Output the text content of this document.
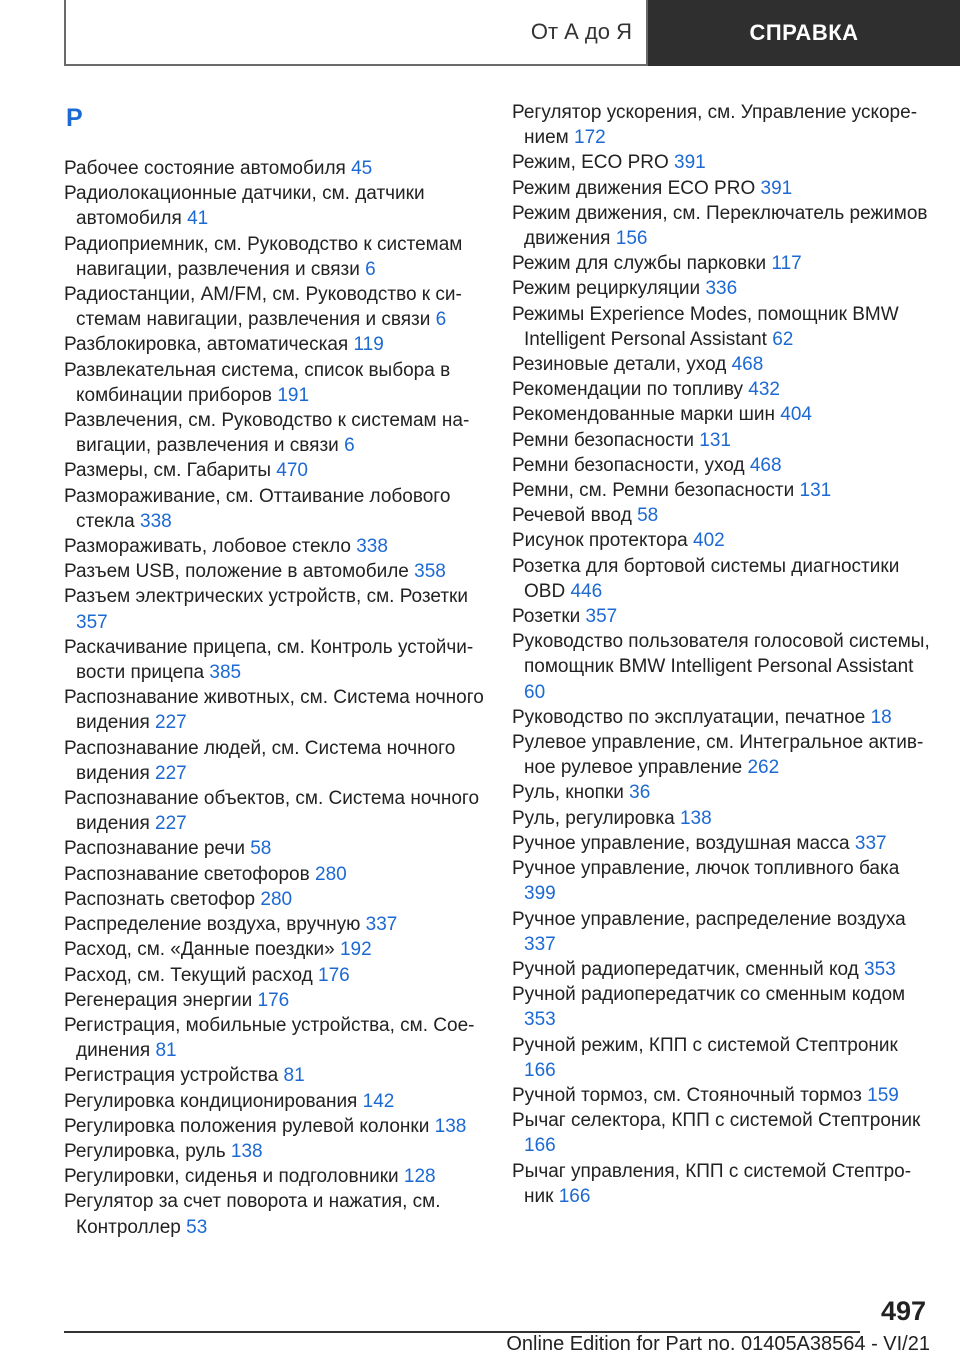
От А до Я	СПРАВКА
Р

Рабочее состояние автомобиля 45

Радиолокационные датчики, см. датчики автомобиля 41

Радиоприемник, см. Руководство к системам навигации, развлечения и связи 6

Радиостанции, AM/FM, см. Руководство к системам навигации, развлечения и связи 6

Разблокировка, автоматическая 119

Развлекательная система, список выбора в комбинации приборов 191

Развлечения, см. Руководство к системам навигации, развлечения и связи 6

Размеры, см. Габариты 470

Размораживание, см. Оттаивание лобового стекла 338

Размораживать, лобовое стекло 338

Разъем USB, положение в автомобиле 358

Разъем электрических устройств, см. Розетки 357

Раскачивание прицепа, см. Контроль устойчивости прицепа 385

Распознавание животных, см. Система ночного видения 227

Распознавание людей, см. Система ночного видения 227

Распознавание объектов, см. Система ночного видения 227

Распознавание речи 58

Распознавание светофоров 280

Распознать светофор 280

Распределение воздуха, вручную 337

Расход, см. «Данные поездки» 192

Расход, см. Текущий расход 176

Регенерация энергии 176

Регистрация, мобильные устройства, см. Соединения 81

Регистрация устройства 81

Регулировка кондиционирования 142

Регулировка положения рулевой колонки 138

Регулировка, руль 138

Регулировки, сиденья и подголовники 128

Регулятор за счет поворота и нажатия, см. Контроллер 53

Регулятор ускорения, см. Управление ускорением 172

Режим, ECO PRO 391

Режим движения ECO PRO 391

Режим движения, см. Переключатель режимов движения 156

Режим для службы парковки 117

Режим рециркуляции 336

Режимы Experience Modes, помощник BMW Intelligent Personal Assistant 62

Резиновые детали, уход 468

Рекомендации по топливу 432

Рекомендованные марки шин 404

Ремни безопасности 131

Ремни безопасности, уход 468

Ремни, см. Ремни безопасности 131

Речевой ввод 58

Рисунок протектора 402

Розетка для бортовой системы диагностики OBD 446

Розетки 357

Руководство пользователя голосовой системы, помощник BMW Intelligent Personal Assistant 60

Руководство по эксплуатации, печатное 18

Рулевое управление, см. Интегральное активное рулевое управление 262

Руль, кнопки 36

Руль, регулировка 138

Ручное управление, воздушная масса 337

Ручное управление, лючок топливного бака 399

Ручное управление, распределение воздуха 337

Ручной радиопередатчик, сменный код 353

Ручной радиопередатчик со сменным кодом 353

Ручной режим, КПП с системой Стептроник 166

Ручной тормоз, см. Стояночный тормоз 159

Рычаг селектора, КПП с системой Стептроник 166

Рычаг управления, КПП с системой Стептроник 166

497
Online Edition for Part no. 01405A38564 - VI/21
